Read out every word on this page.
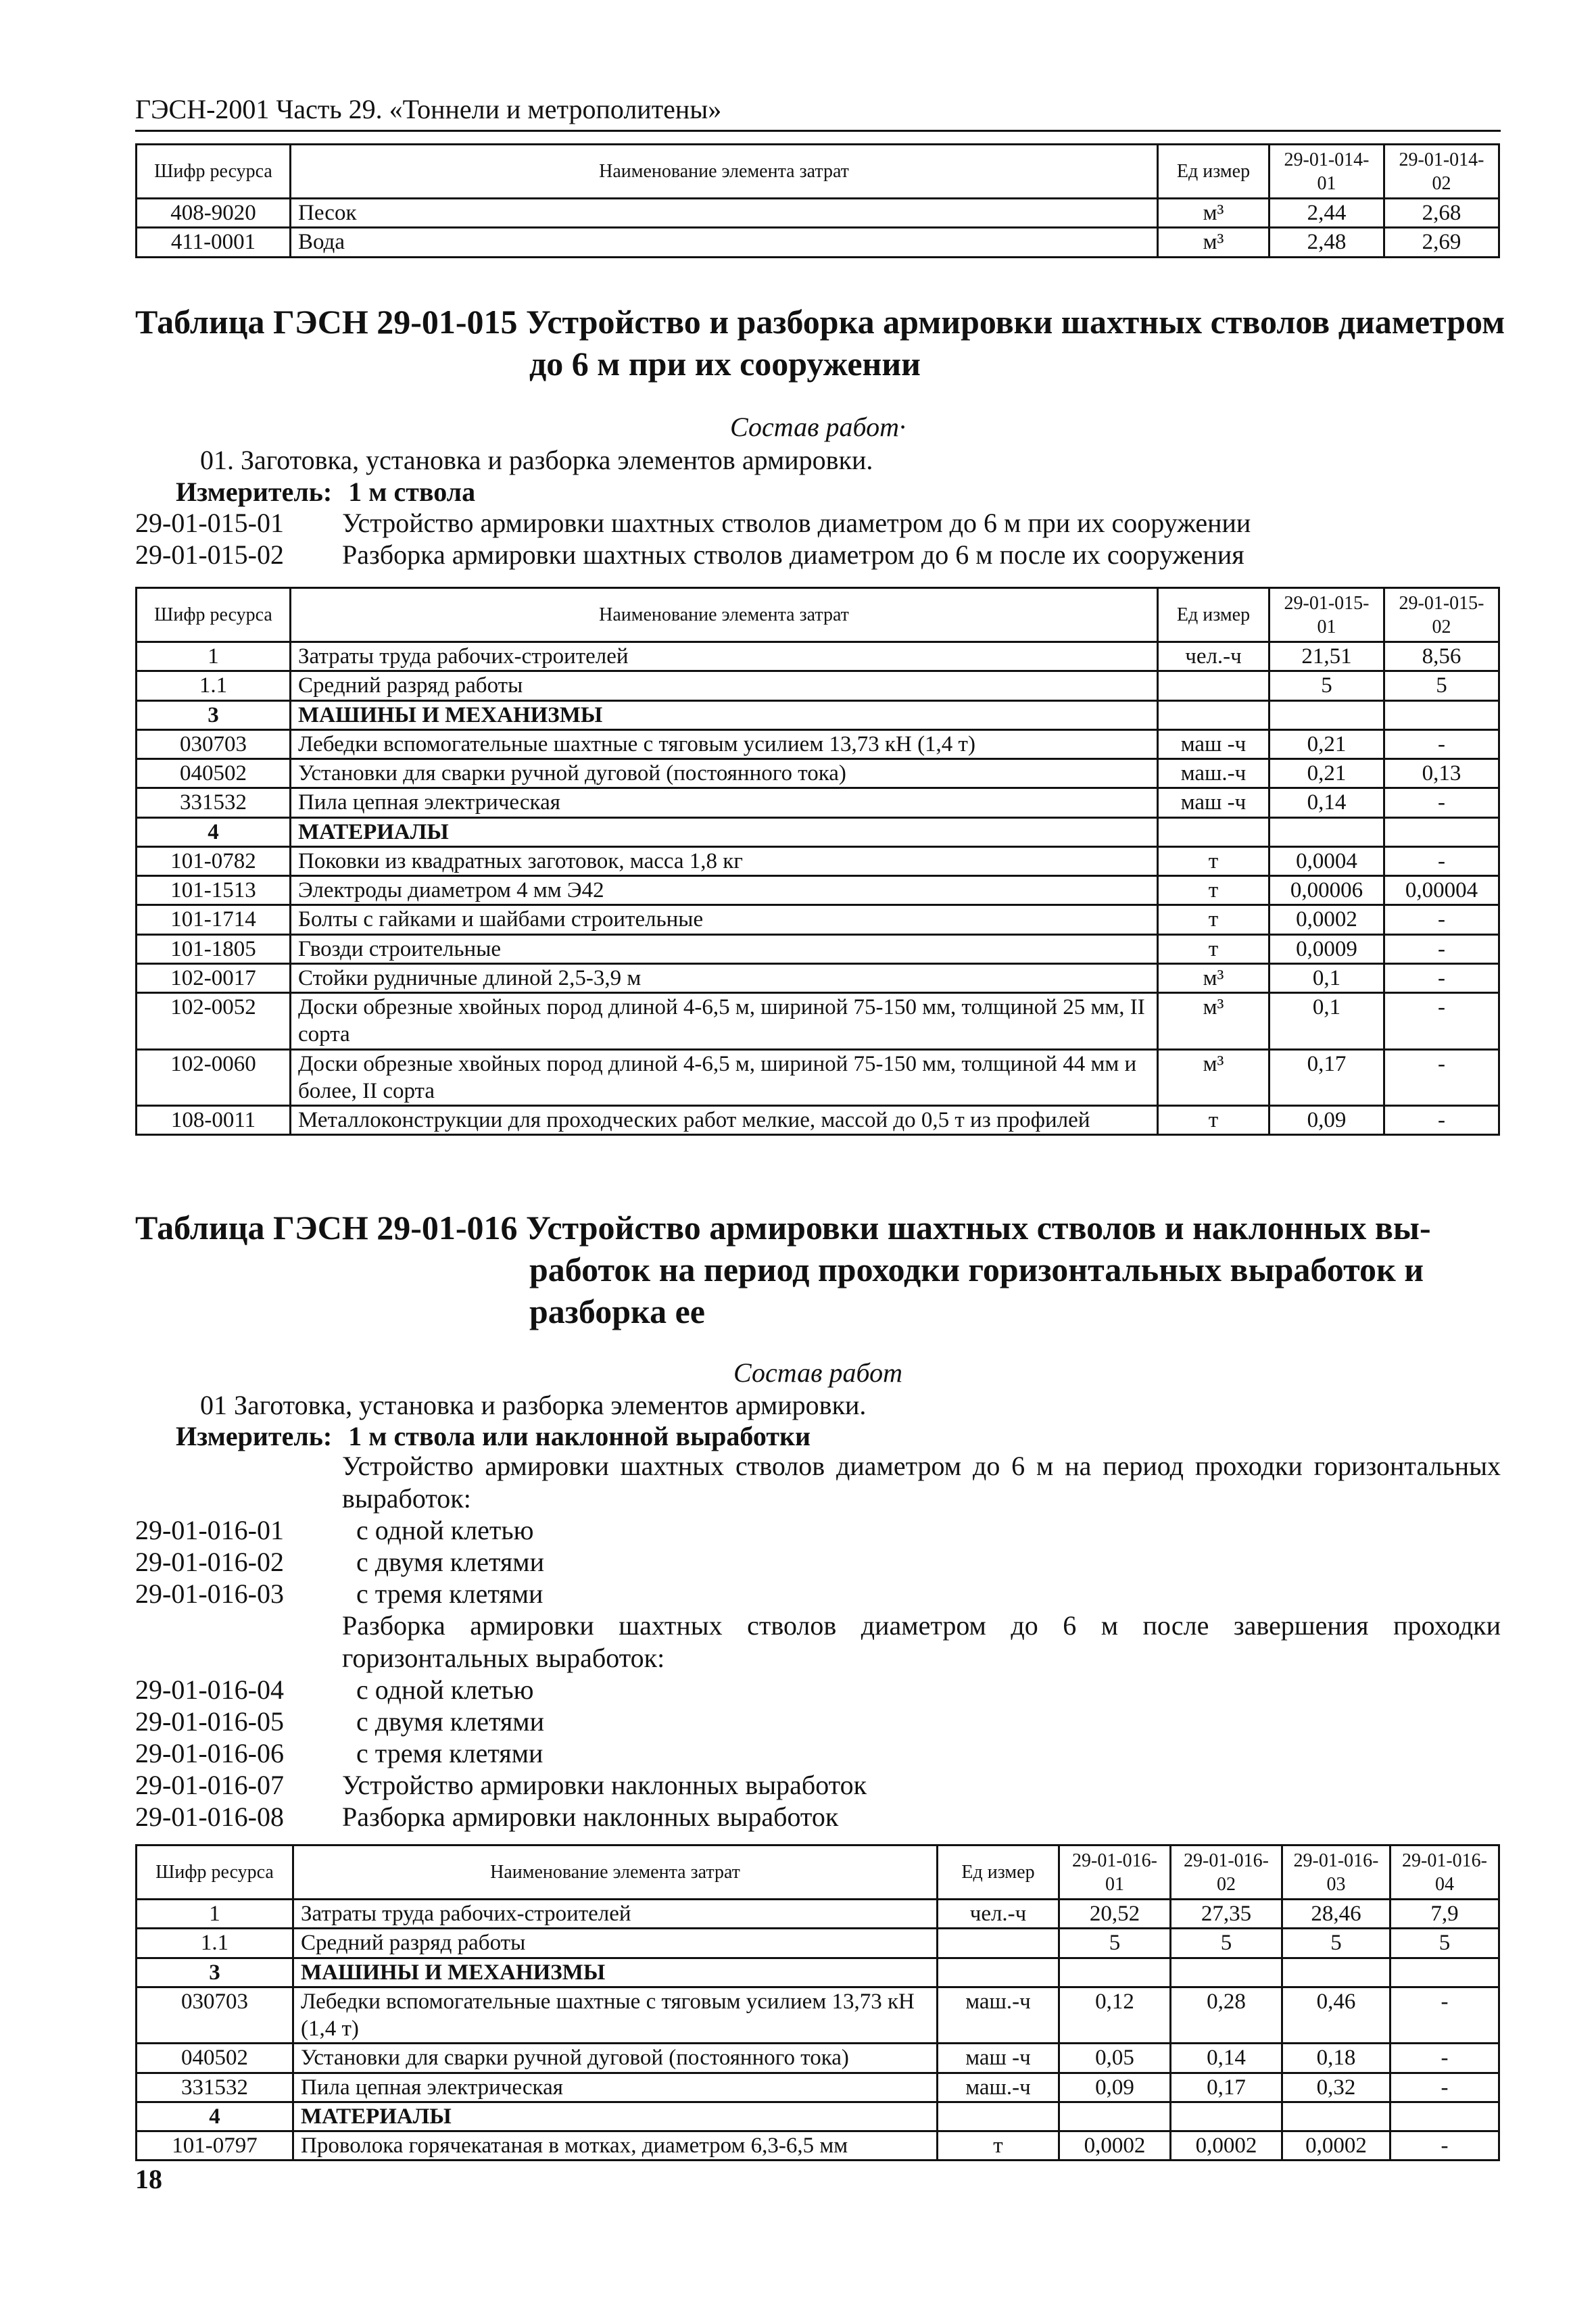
ГЭСН-2001 Часть 29. «Тоннели и метрополитены»
Шифр ресурса	Наименование элемента затрат	Ед измер	29-01-014-01	29-01-014-02
408-9020	Песок	м³	2,44	2,68
411-0001	Вода	м³	2,48	2,69
Таблица ГЭСН 29-01-015 Устройство и разборка армировки шахтных стволов диаметром
до 6 м при их сооружении
Состав работ·
01. Заготовка, установка и разборка элементов армировки.
Измеритель: 1 м ствола
29-01-015-01 Устройство армировки шахтных стволов диаметром до 6 м при их сооружении
29-01-015-02 Разборка армировки шахтных стволов диаметром до 6 м после их сооружения
Шифр ресурса	Наименование элемента затрат	Ед измер	29-01-015-01	29-01-015-02
1	Затраты труда рабочих-строителей	чел.-ч	21,51	8,56
1.1	Средний разряд работы		5	5
3	МАШИНЫ И МЕХАНИЗМЫ			
030703	Лебедки вспомогательные шахтные с тяговым усилием 13,73 кН (1,4 т)	маш -ч	0,21	-
040502	Установки для сварки ручной дуговой (постоянного тока)	маш.-ч	0,21	0,13
331532	Пила цепная электрическая	маш -ч	0,14	-
4	МАТЕРИАЛЫ			
101-0782	Поковки из квадратных заготовок, масса 1,8 кг	т	0,0004	-
101-1513	Электроды диаметром 4 мм Э42	т	0,00006	0,00004
101-1714	Болты с гайками и шайбами строительные	т	0,0002	-
101-1805	Гвозди строительные	т	0,0009	-
102-0017	Стойки рудничные длиной 2,5-3,9 м	м³	0,1	-
102-0052	Доски обрезные хвойных пород длиной 4-6,5 м, шириной 75-150 мм, толщиной 25 мм, II сорта	м³	0,1	-
102-0060	Доски обрезные хвойных пород длиной 4-6,5 м, шириной 75-150 мм, толщиной 44 мм и более, II сорта	м³	0,17	-
108-0011	Металлоконструкции для проходческих работ мелкие, массой до 0,5 т из профилей	т	0,09	-
Таблица ГЭСН 29-01-016 Устройство армировки шахтных стволов и наклонных вы-
работок на период проходки горизонтальных выработок и
разборка ее
Состав работ
01 Заготовка, установка и разборка элементов армировки.
Измеритель: 1 м ствола или наклонной выработки
Устройство армировки шахтных стволов диаметром до 6 м на период проходки горизонтальных выработок:
29-01-016-01	с одной клетью
29-01-016-02	с двумя клетями
29-01-016-03	с тремя клетями
Разборка армировки шахтных стволов диаметром до 6 м после завершения проходки горизонтальных выработок:
29-01-016-04	с одной клетью
29-01-016-05	с двумя клетями
29-01-016-06	с тремя клетями
29-01-016-07 Устройство армировки наклонных выработок
29-01-016-08 Разборка армировки наклонных выработок
Шифр ресурса	Наименование элемента затрат	Ед измер	29-01-016-01	29-01-016-02	29-01-016-03	29-01-016-04
1	Затраты труда рабочих-строителей	чел.-ч	20,52	27,35	28,46	7,9
1.1	Средний разряд работы		5	5	5	5
3	МАШИНЫ И МЕХАНИЗМЫ					
030703	Лебедки вспомогательные шахтные с тяговым усилием 13,73 кН (1,4 т)	маш.-ч	0,12	0,28	0,46	-
040502	Установки для сварки ручной дуговой (постоянного тока)	маш -ч	0,05	0,14	0,18	-
331532	Пила цепная электрическая	маш.-ч	0,09	0,17	0,32	-
4	МАТЕРИАЛЫ					
101-0797	Проволока горячекатаная в мотках, диаметром 6,3-6,5 мм	т	0,0002	0,0002	0,0002	-
18
